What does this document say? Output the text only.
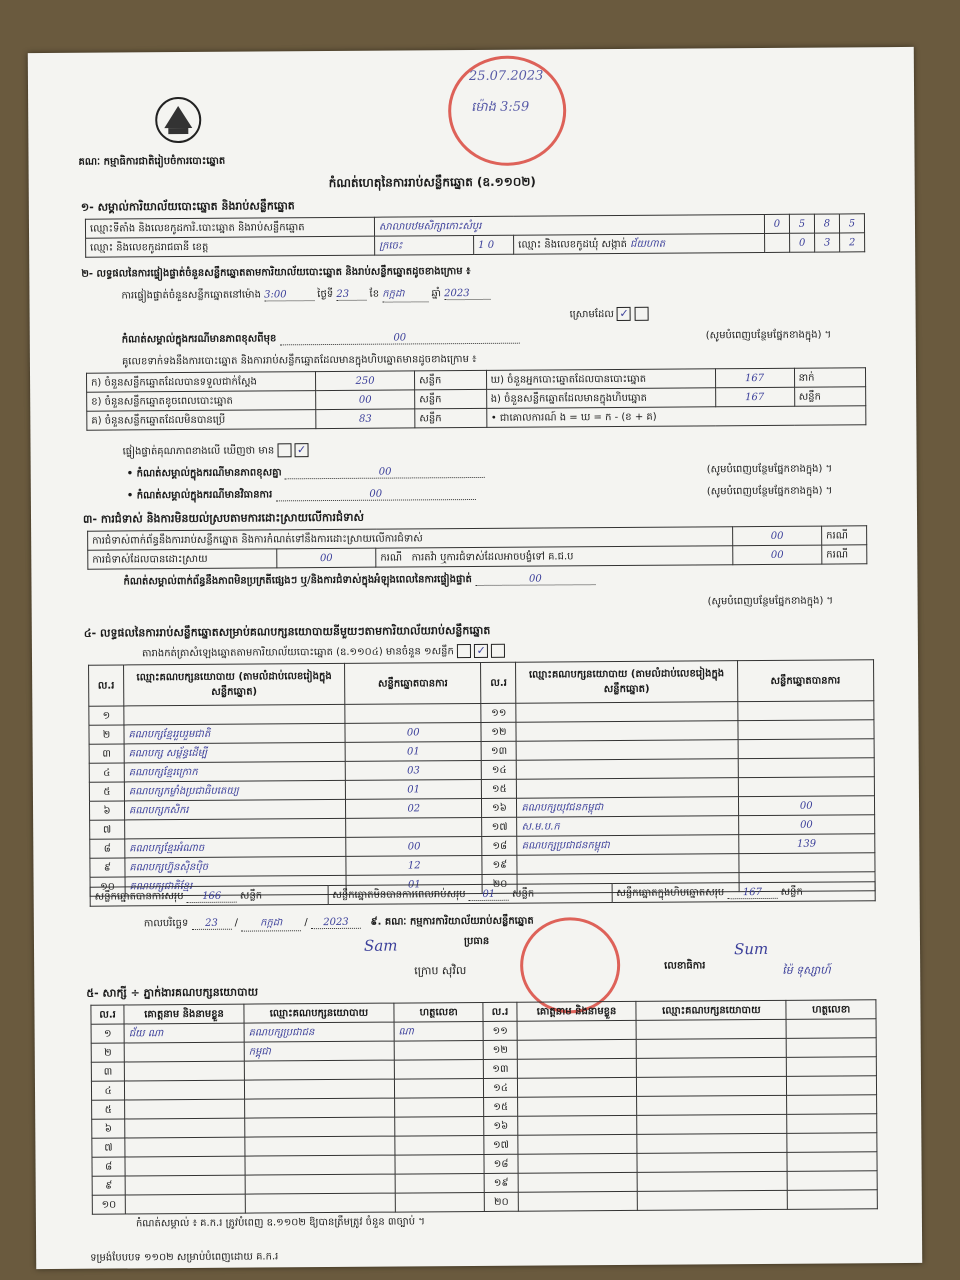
គណៈ កម្មាធិការជាតិរៀបចំការបោះឆ្នោត
25.07.2023
ម៉ោង 3:59
កំណត់ហេតុនៃការរាប់សន្លឹកឆ្នោត (ឧ.១១០២)
១- សម្គាល់ការិយាល័យបោះឆ្នោត និងរាប់សន្លឹកឆ្នោត
ឈ្មោះទីតាំង និងលេខកូដការិ.បោះឆ្នោត និងរាប់សន្លឹកឆ្នោត	សាលាបឋមសិក្សាកោះសំបូរ			0	5	8	5
ឈ្មោះ និងលេខកូដរាជធានី ខេត្ត	ក្រចេះ	1 0	ឈ្មោះ និងលេខកូដឃុំ សង្កាត់ ជ័យហាត		0	3	2
២- លទ្ធផលនៃការផ្ទៀងផ្ទាត់ចំនួនសន្លឹកឆ្នោតតាមការិយាល័យបោះឆ្នោត និងរាប់សន្លឹកឆ្នោតដូចខាងក្រោម ៖
ការផ្ទៀងផ្ទាត់ចំនួនសន្លឹកឆ្នោតនៅម៉ោង 3:00	ថ្ងៃទី 23 ខែ កក្កដា	ឆ្នាំ 2023
ស្រោមដែល ✓
កំណត់សម្គាល់ក្នុងករណីមានភាពខុសពីមុខ	00	(សូមបំពេញបន្ថែមផ្នែកខាងក្នុង) ។
គូលេខទាក់ទងនឹងការបោះឆ្នោត និងការរាប់សន្លឹកឆ្នោតដែលមានក្នុងហិបឆ្នោតមានដូចខាងក្រោម ៖
ក) ចំនួនសន្លឹកឆ្នោតដែលបានទទួលជាក់ស្តែង	250	សន្លឹក	ឃ) ចំនួនអ្នកបោះឆ្នោតដែលបានបោះឆ្នោត	167	នាក់
ខ) ចំនួនសន្លឹកឆ្នោតខូចពេលបោះឆ្នោត	00	សន្លឹក	ង) ចំនួនសន្លឹកឆ្នោតដែលមានក្នុងហិបឆ្នោត	167	សន្លឹក
គ) ចំនួនសន្លឹកឆ្នោតដែលមិនបានប្រើ	83	សន្លឹក	• ជាគោលការណ៍ ង = ឃ = ក - (ខ + គ)		
ផ្ទៀងផ្ទាត់គុណភាពខាងលើ ឃើញថា មាន ✓
• កំណត់សម្គាល់ក្នុងករណីមានភាពខុសគ្នា	00	(សូមបំពេញបន្ថែមផ្នែកខាងក្នុង) ។
• កំណត់សម្គាល់ក្នុងករណីមានវិធានការ	00	(សូមបំពេញបន្ថែមផ្នែកខាងក្នុង) ។
៣- ការជំទាស់ និងការមិនយល់ស្របតាមការដោះស្រាយលើការជំទាស់
ការជំទាស់ពាក់ព័ន្ធនឹងការរាប់សន្លឹកឆ្នោត និងការកំណត់ទៅនឹងការដោះស្រាយលើការជំទាស់			00	ករណី
ការជំទាស់ដែលបានដោះស្រាយ	00	ករណី ការតវ៉ា ឬការជំទាស់ដែលអាចបង្ខំទៅ គ.ជ.ប	00	ករណី
កំណត់សម្គាល់ពាក់ព័ន្ធនឹងភាពមិនប្រក្រតីផ្សេងៗ ឬ/និងការជំទាស់ក្នុងអំឡុងពេលនៃការផ្ទៀងផ្ទាត់	00
(សូមបំពេញបន្ថែមផ្នែកខាងក្នុង) ។
៤- លទ្ធផលនៃការរាប់សន្លឹកឆ្នោតសម្រាប់គណបក្សនយោបាយនីមួយៗតាមការិយាល័យរាប់សន្លឹកឆ្នោត
តារាងកត់ត្រាសំឡេងឆ្នោតតាមការិយាល័យបោះឆ្នោត (ឧ.១១០៤) មានចំនួន ១សន្លឹក ✓
ល.រ	ឈ្មោះគណបក្សនយោបាយ (តាមលំដាប់លេខរៀងក្នុងសន្លឹកឆ្នោត)	សន្លឹកឆ្នោតបានការ	ល.រ	ឈ្មោះគណបក្សនយោបាយ (តាមលំដាប់លេខរៀងក្នុងសន្លឹកឆ្នោត)	សន្លឹកឆ្នោតបានការ
១			១១		
២	គណបក្សខ្មែររួបរួមជាតិ	00	១២		
៣	គណបក្ស សម្ព័ន្ធដើម្បី	01	១៣		
៤	គណបក្សខ្មែរក្រោក	03	១៤		
៥	គណបក្សកម្លាំងប្រជាធិបតេយ្យ	01	១៥		
៦	គណបក្សកសិករ	02	១៦	គណបក្សយុវជនកម្ពុជា	00
៧			១៧	ស.ម.ប.ក	00
៨	គណបក្សខ្មែរអំណាច	00	១៨	គណបក្សប្រជាជនកម្ពុជា	139
៩	គណបក្សហ្វ៊ុនស៊ិនប៉ិច	12	១៩		
១០	គណបក្សជាតិខ្មែរ	01	២០		
សន្លឹកឆ្នោតបានការសរុប 166 សន្លឹក	សន្លឹកឆ្នោតមិនបានការពេលរាប់សរុប 01 សន្លឹក	សន្លឹកឆ្នោតក្នុងហិបឆ្នោតសរុប 167 សន្លឹក
កាលបរិច្ឆេទ 23 / កក្កដា / 2023 ៩. គណៈ កម្មការការិយាល័យរាប់សន្លឹកឆ្នោត
ប្រធាន
Sam
ក្រោប សុវិល	លេខាធិការ
Sum
ម៉ៃ ទុស្សាហ៍
៥- សាក្សី ÷ ភ្នាក់ងារគណបក្សនយោបាយ
ល.រ	គោត្តនាម និងនាមខ្លួន	ឈ្មោះគណបក្សនយោបាយ	ហត្ថលេខា	ល.រ	គោត្តនាម និងនាមខ្លួន	ឈ្មោះគណបក្សនយោបាយ	ហត្ថលេខា
១	ជ័យ ណា	គណបក្សប្រជាជន	ណា	១១			
២		កម្ពុជា		១២			
៣				១៣			
៤				១៤			
៥				១៥			
៦				១៦			
៧				១៧			
៨				១៨			
៩				១៩			
១០				២០			
កំណត់សម្គាល់ ៖ គ.ក.រ ត្រូវបំពេញ ឧ.១១០២ ឱ្យបានត្រឹមត្រូវ ចំនួន ៣ច្បាប់ ។
ទម្រង់បែបបទ ១១០២ សម្រាប់បំពេញដោយ គ.ក.រ
